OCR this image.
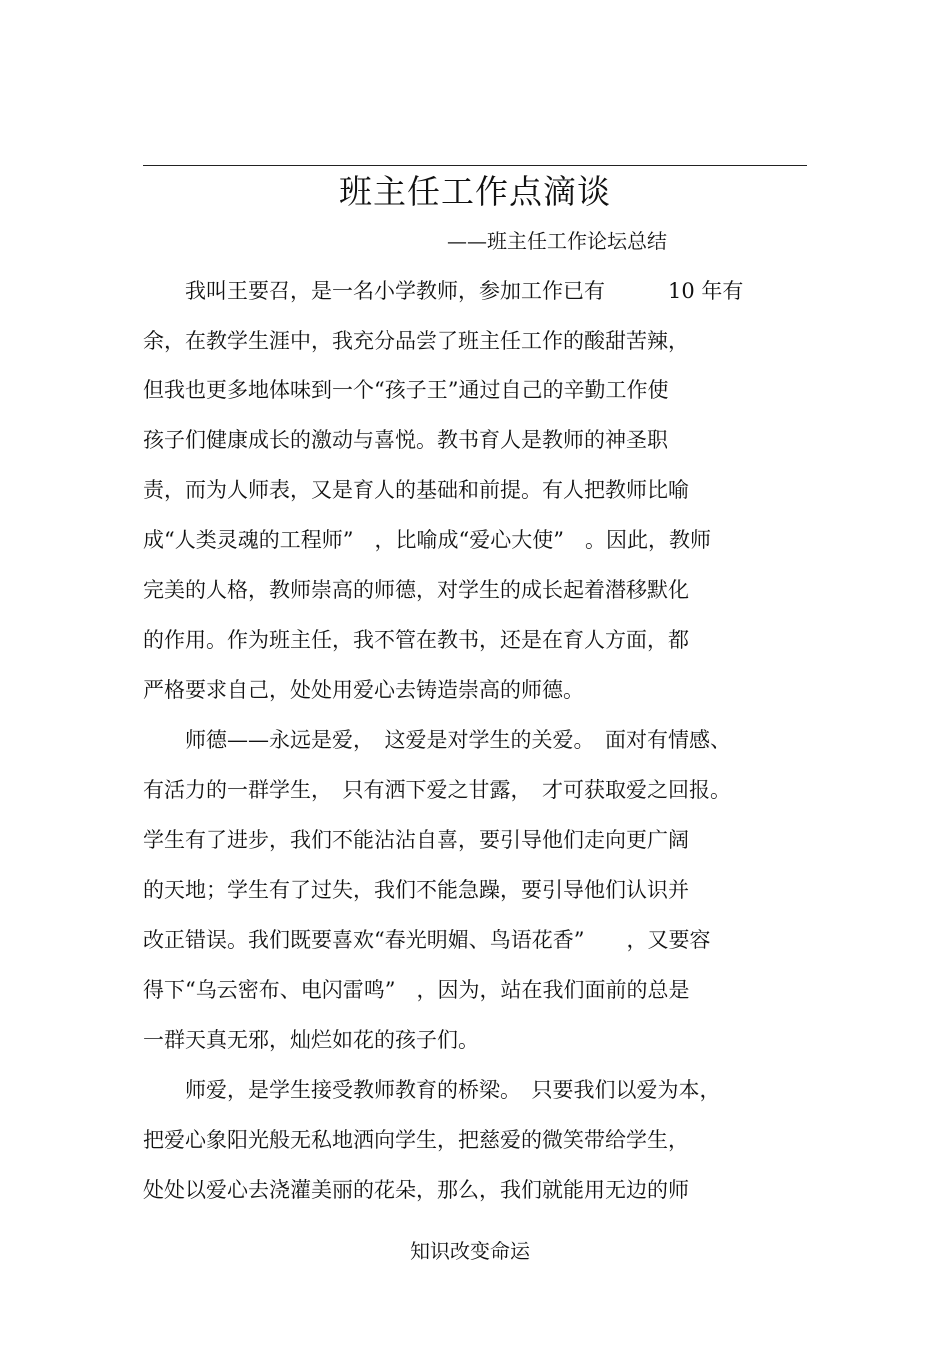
班主任工作点滴谈
——班主任工作论坛总结
　　我叫王要召，是一名小学教师，参加工作已有　　　10 年有
余，在教学生涯中，我充分品尝了班主任工作的酸甜苦辣，
但我也更多地体味到一个“孩子王”通过自己的辛勤工作使
孩子们健康成长的激动与喜悦。教书育人是教师的神圣职
责，而为人师表，又是育人的基础和前提。有人把教师比喻
成“人类灵魂的工程师”　，比喻成“爱心大使”　。因此，教师
完美的人格，教师崇高的师德，对学生的成长起着潜移默化
的作用。作为班主任，我不管在教书，还是在育人方面，都
严格要求自己，处处用爱心去铸造崇高的师德。
　　师德——永远是爱，　这爱是对学生的关爱。　面对有情感、
有活力的一群学生，　只有洒下爱之甘露，　才可获取爱之回报。
学生有了进步，我们不能沾沾自喜，要引导他们走向更广阔
的天地；学生有了过失，我们不能急躁，要引导他们认识并
改正错误。我们既要喜欢“春光明媚、鸟语花香”　　，又要容
得下“乌云密布、电闪雷鸣”　，因为，站在我们面前的总是
一群天真无邪，灿烂如花的孩子们。
　　师爱，是学生接受教师教育的桥梁。　只要我们以爱为本，
把爱心象阳光般无私地洒向学生，把慈爱的微笑带给学生，
处处以爱心去浇灌美丽的花朵，那么，我们就能用无边的师
知识改变命运
